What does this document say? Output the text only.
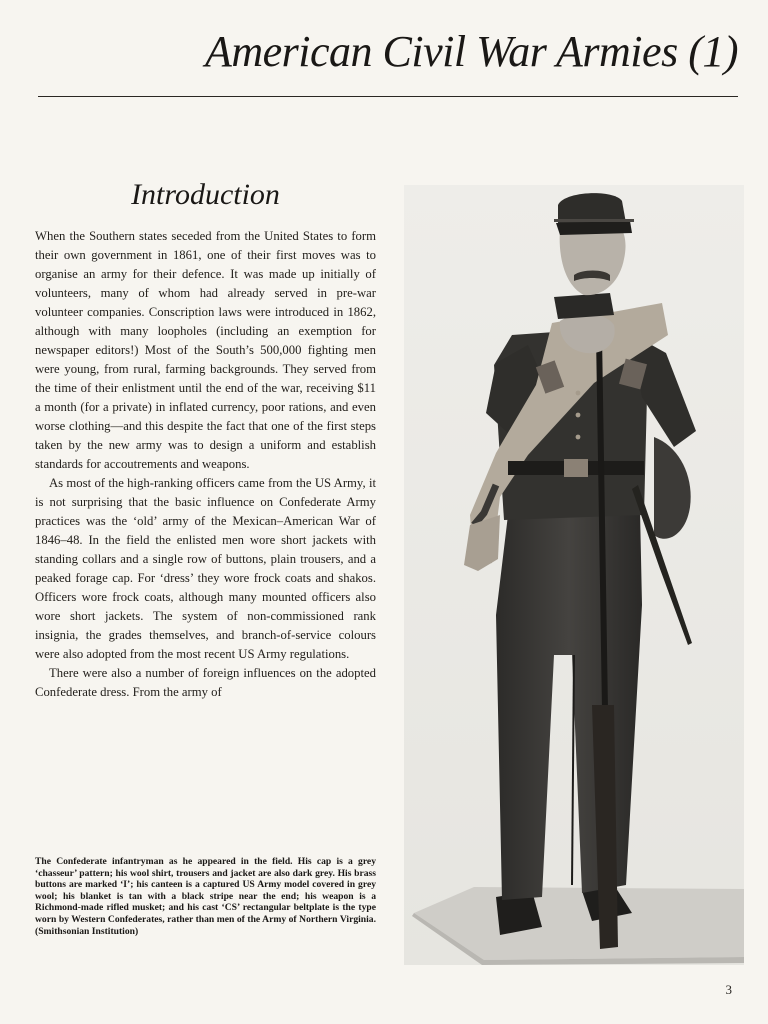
American Civil War Armies (1)
Introduction

When the Southern states seceded from the United States to form their own government in 1861, one of their first moves was to organise an army for their defence. It was made up initially of volunteers, many of whom had already served in pre-war volunteer companies. Conscription laws were introduced in 1862, although with many loopholes (including an exemption for newspaper editors!) Most of the South’s 500,000 fighting men were young, from rural, farming backgrounds. They served from the time of their enlistment until the end of the war, receiving $11 a month (for a private) in inflated currency, poor rations, and even worse clothing—and this despite the fact that one of the first steps taken by the new army was to design a uniform and establish standards for accoutrements and weapons.

As most of the high-ranking officers came from the US Army, it is not surprising that the basic influence on Confederate Army practices was the ‘old’ army of the Mexican–American War of 1846–48. In the field the enlisted men wore short jackets with standing collars and a single row of buttons, plain trousers, and a peaked forage cap. For ‘dress’ they wore frock coats and shakos. Officers wore frock coats, although many mounted officers also wore short jackets. The system of non-commissioned rank insignia, the grades themselves, and branch-of-service colours were also adopted from the most recent US Army regulations.

There were also a number of foreign influences on the adopted Confederate dress. From the army of

The Confederate infantryman as he appeared in the field. His cap is a grey ‘chasseur’ pattern; his wool shirt, trousers and jacket are also dark grey. His brass buttons are marked ‘I’; his canteen is a captured US Army model covered in grey wool; his blanket is tan with a black stripe near the end; his weapon is a Richmond-made rifled musket; and his cast ‘CS’ rectangular beltplate is the type worn by Western Confederates, rather than men of the Army of Northern Virginia. (Smithsonian Institution)
3
